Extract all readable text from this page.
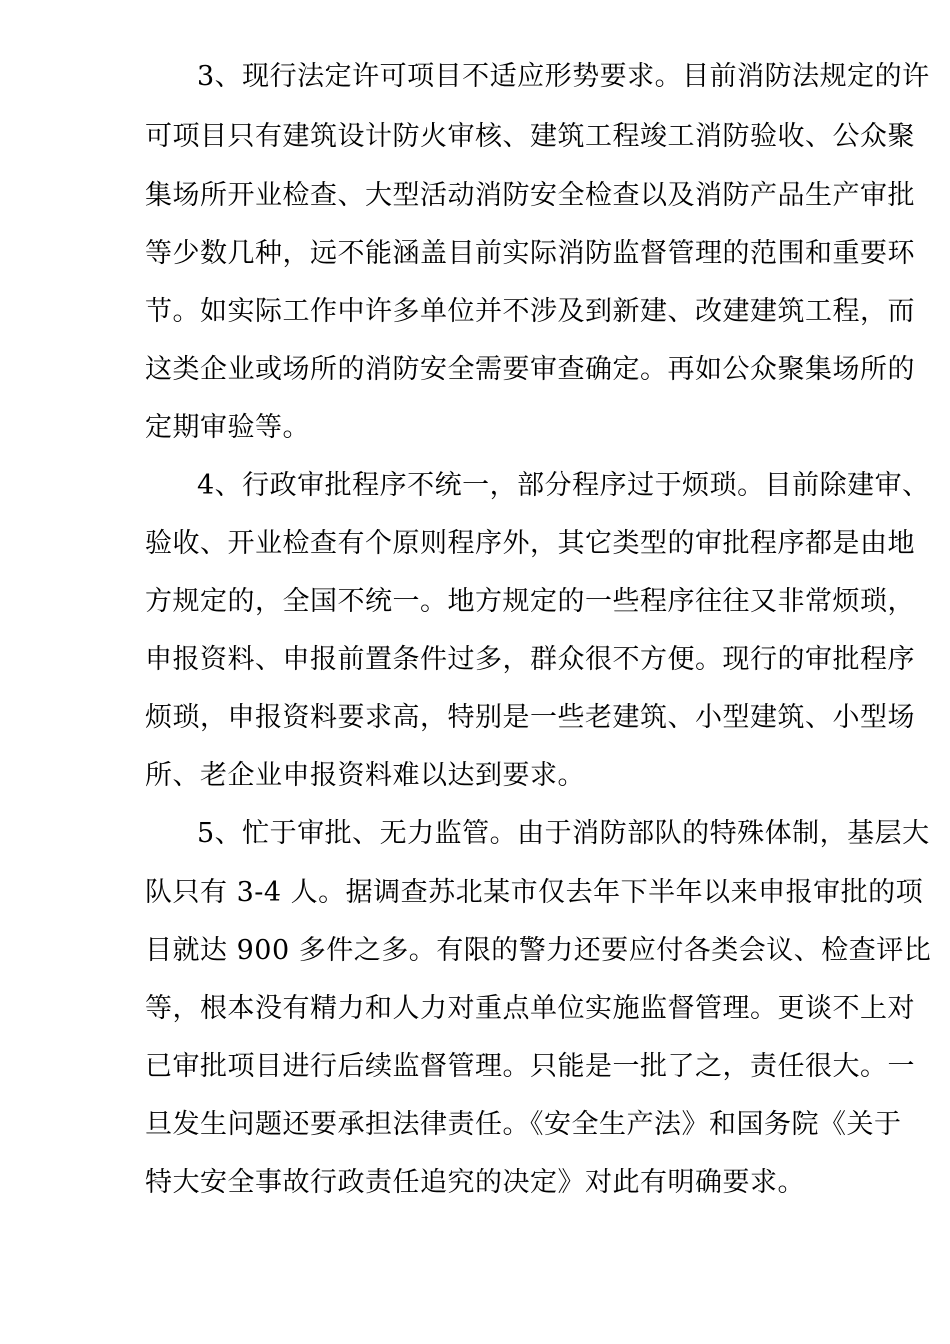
3、现行法定许可项目不适应形势要求。目前消防法规定的许
可项目只有建筑设计防火审核、建筑工程竣工消防验收、公众聚
集场所开业检查、大型活动消防安全检查以及消防产品生产审批
等少数几种，远不能涵盖目前实际消防监督管理的范围和重要环
节。如实际工作中许多单位并不涉及到新建、改建建筑工程，而
这类企业或场所的消防安全需要审查确定。再如公众聚集场所的
定期审验等。
4、行政审批程序不统一，部分程序过于烦琐。目前除建审、
验收、开业检查有个原则程序外，其它类型的审批程序都是由地
方规定的，全国不统一。地方规定的一些程序往往又非常烦琐，
申报资料、申报前置条件过多，群众很不方便。现行的审批程序
烦琐，申报资料要求高，特别是一些老建筑、小型建筑、小型场
所、老企业申报资料难以达到要求。
5、忙于审批、无力监管。由于消防部队的特殊体制，基层大
队只有 3-4 人。据调查苏北某市仅去年下半年以来申报审批的项
目就达 900 多件之多。有限的警力还要应付各类会议、检查评比
等，根本没有精力和人力对重点单位实施监督管理。更谈不上对
已审批项目进行后续监督管理。只能是一批了之，责任很大。一
旦发生问题还要承担法律责任。《安全生产法》和国务院《关于
特大安全事故行政责任追究的决定》对此有明确要求。
